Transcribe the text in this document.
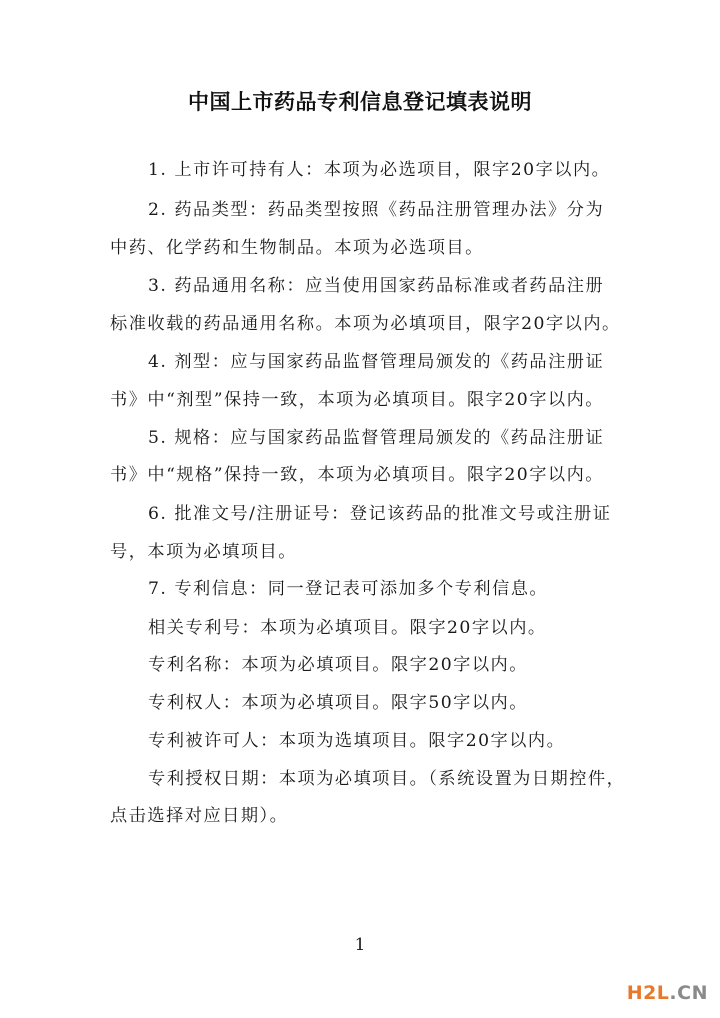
中国上市药品专利信息登记填表说明
1. 上市许可持有人：本项为必选项目，限字20字以内。
2. 药品类型：药品类型按照《药品注册管理办法》分为
中药、化学药和生物制品。本项为必选项目。
3. 药品通用名称：应当使用国家药品标准或者药品注册
标准收载的药品通用名称。本项为必填项目，限字20字以内。
4. 剂型：应与国家药品监督管理局颁发的《药品注册证
书》中“剂型”保持一致，本项为必填项目。限字20字以内。
5. 规格：应与国家药品监督管理局颁发的《药品注册证
书》中“规格”保持一致，本项为必填项目。限字20字以内。
6. 批准文号/注册证号：登记该药品的批准文号或注册证
号，本项为必填项目。
7. 专利信息：同一登记表可添加多个专利信息。
相关专利号：本项为必填项目。限字20字以内。
专利名称：本项为必填项目。限字20字以内。
专利权人：本项为必填项目。限字50字以内。
专利被许可人：本项为选填项目。限字20字以内。
专利授权日期：本项为必填项目。（系统设置为日期控件，
点击选择对应日期）。
1
H2L.CN
